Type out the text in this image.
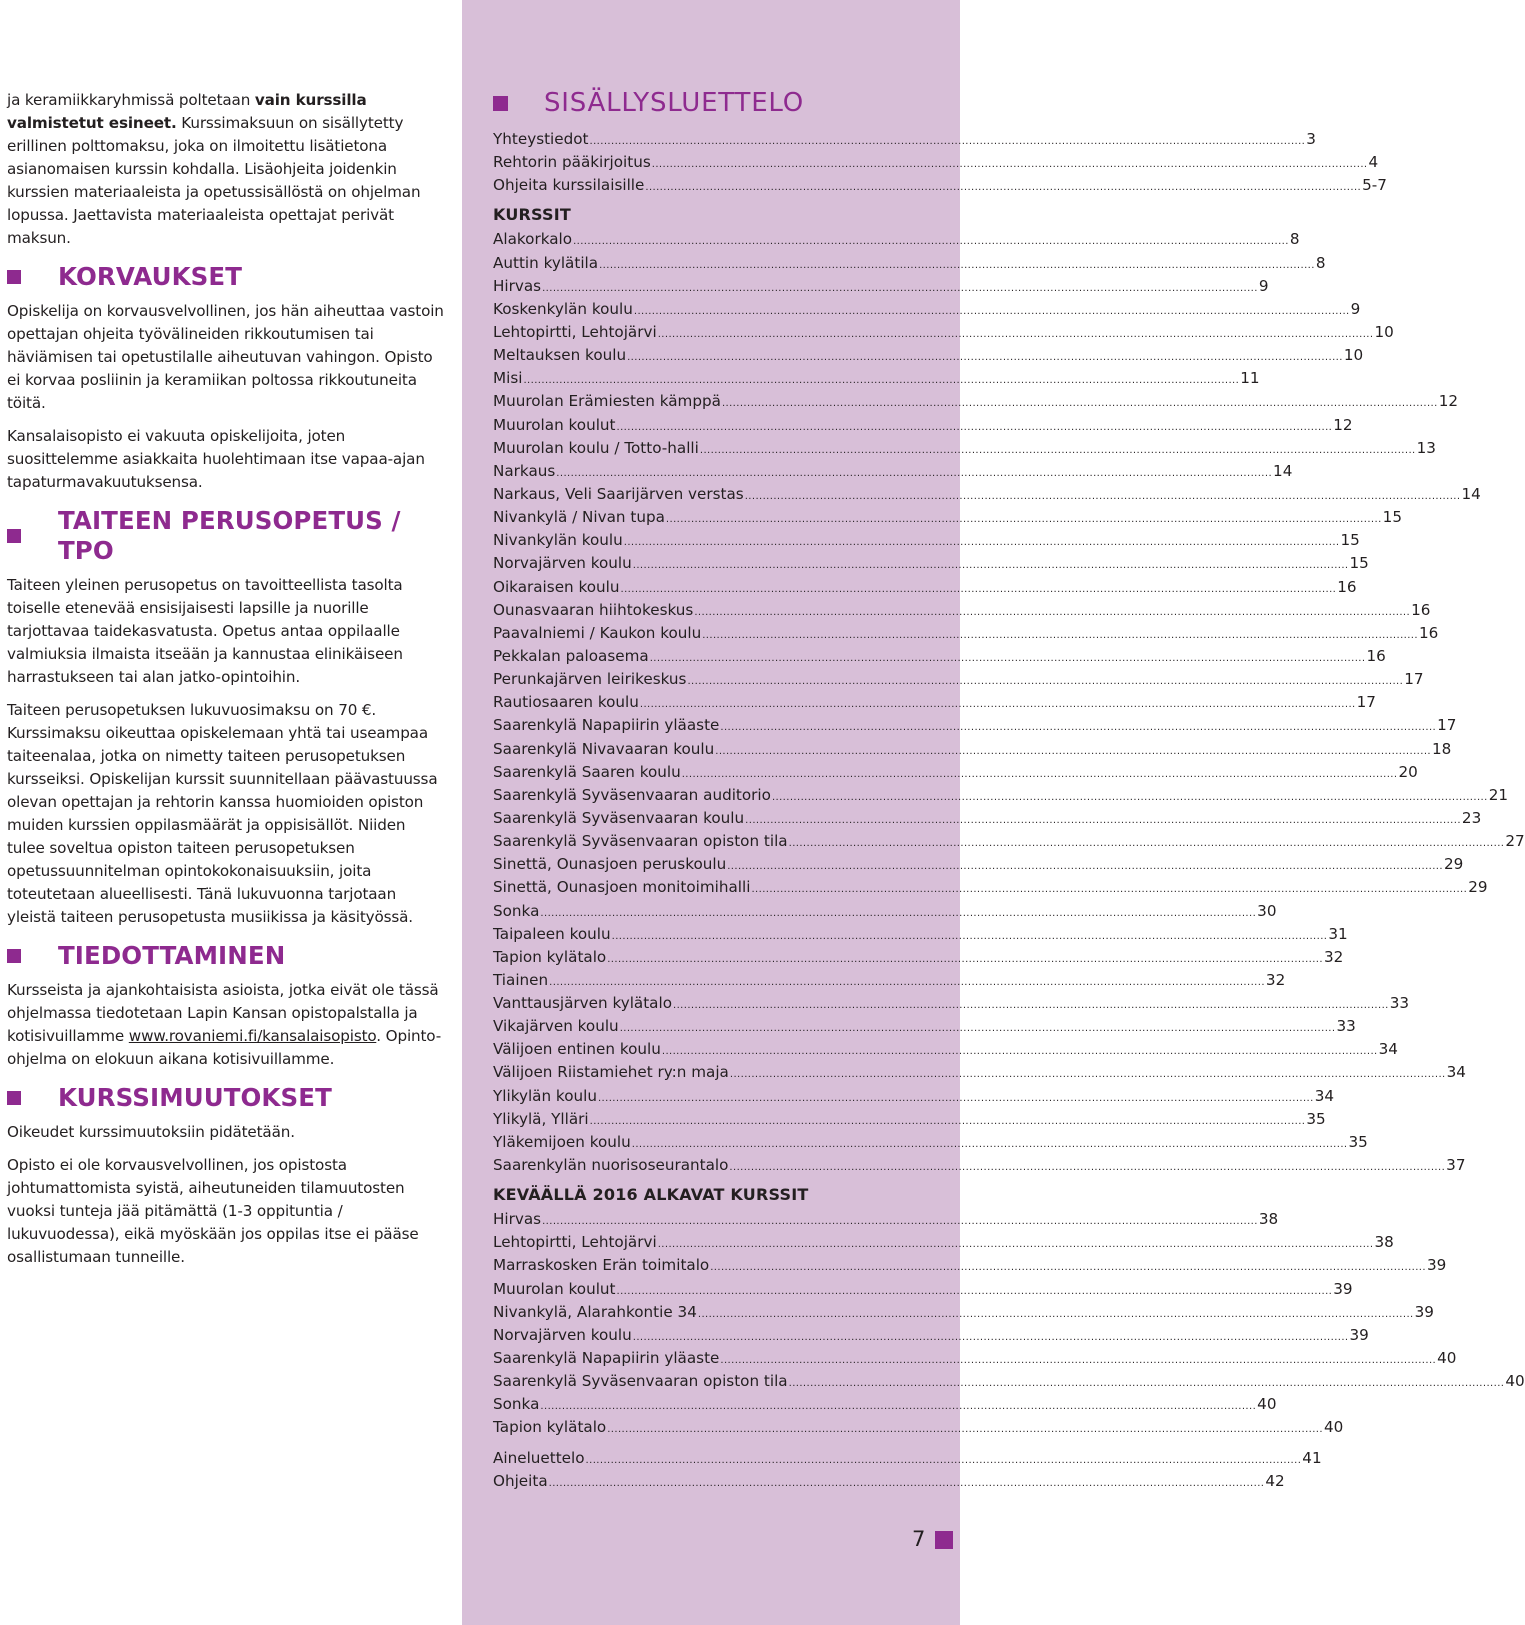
ja keramiikkaryhmissä poltetaan vain kurssilla valmistetut esineet. Kurssimaksuun on sisällytetty erillinen polttomaksu, joka on ilmoitettu lisätietona asianomaisen kurssin kohdalla. Lisäohjeita joidenkin kurssien materiaaleista ja opetussisällöstä on ohjelman lopussa. Jaettavista materiaaleista opettajat perivät maksun.

KORVAUKSET

Opiskelija on korvausvelvollinen, jos hän aiheuttaa vastoin opettajan ohjeita työvälineiden rikkoutumisen tai häviämisen tai opetustilalle aiheutuvan vahingon. Opisto ei korvaa posliinin ja keramiikan poltossa rikkoutuneita töitä.

Kansalaisopisto ei vakuuta opiskelijoita, joten suosittelemme asiakkaita huolehtimaan itse vapaa-ajan tapaturmavakuutuksensa.

TAITEEN PERUSOPETUS / TPO

Taiteen yleinen perusopetus on tavoitteellista tasolta toiselle etenevää ensisijaisesti lapsille ja nuorille tarjottavaa taidekasvatusta. Opetus antaa oppilaalle valmiuksia ilmaista itseään ja kannustaa elinikäiseen harrastukseen tai alan jatko-opintoihin.

Taiteen perusopetuksen lukuvuosimaksu on 70 €. Kurssimaksu oikeuttaa opiskelemaan yhtä tai useampaa taiteenalaa, jotka on nimetty taiteen perusopetuksen kursseiksi. Opiskelijan kurssit suunnitellaan päävastuussa olevan opettajan ja rehtorin kanssa huomioiden opiston muiden kurssien oppilasmäärät ja oppisisällöt. Niiden tulee soveltua opiston taiteen perusopetuksen opetussuunnitelman opintokokonaisuuksiin, joita toteutetaan alueellisesti. Tänä lukuvuonna tarjotaan yleistä taiteen perusopetusta musiikissa ja käsityössä.

TIEDOTTAMINEN

Kursseista ja ajankohtaisista asioista, jotka eivät ole tässä ohjelmassa tiedotetaan Lapin Kansan opistopalstalla ja kotisivuillamme www.rovaniemi.fi/kansalaisopisto. Opinto-ohjelma on elokuun aikana kotisivuillamme.

KURSSIMUUTOKSET

Oikeudet kurssimuutoksiin pidätetään.

Opisto ei ole korvausvelvollinen, jos opistosta johtumattomista syistä, aiheutuneiden tilamuutosten vuoksi tunteja jää pitämättä (1-3 oppituntia / lukuvuodessa), eikä myöskään jos oppilas itse ei pääse osallistumaan tunneille.

SISÄLLYSLUETTELO
Yhteystiedot ........................................................................................................................................................................................................ 3
Rehtorin pääkirjoitus ........................................................................................................................................................................................................ 4
Ohjeita kurssilaisille ........................................................................................................................................................................................................ 5-7
KURSSIT
Alakorkalo ........................................................................................................................................................................................................ 8
Auttin kylätila ........................................................................................................................................................................................................ 8
Hirvas ........................................................................................................................................................................................................ 9
Koskenkylän koulu ........................................................................................................................................................................................................ 9
Lehtopirtti, Lehtojärvi ........................................................................................................................................................................................................ 10
Meltauksen koulu ........................................................................................................................................................................................................ 10
Misi ........................................................................................................................................................................................................ 11
Muurolan Erämiesten kämppä ........................................................................................................................................................................................................ 12
Muurolan koulut ........................................................................................................................................................................................................ 12
Muurolan koulu / Totto-halli ........................................................................................................................................................................................................ 13
Narkaus ........................................................................................................................................................................................................ 14
Narkaus, Veli Saarijärven verstas ........................................................................................................................................................................................................ 14
Nivankylä / Nivan tupa ........................................................................................................................................................................................................ 15
Nivankylän koulu ........................................................................................................................................................................................................ 15
Norvajärven koulu ........................................................................................................................................................................................................ 15
Oikaraisen koulu ........................................................................................................................................................................................................ 16
Ounasvaaran hiihtokeskus ........................................................................................................................................................................................................ 16
Paavalniemi / Kaukon koulu ........................................................................................................................................................................................................ 16
Pekkalan paloasema ........................................................................................................................................................................................................ 16
Perunkajärven leirikeskus ........................................................................................................................................................................................................ 17
Rautiosaaren koulu ........................................................................................................................................................................................................ 17
Saarenkylä Napapiirin yläaste ........................................................................................................................................................................................................ 17
Saarenkylä Nivavaaran koulu ........................................................................................................................................................................................................ 18
Saarenkylä Saaren koulu ........................................................................................................................................................................................................ 20
Saarenkylä Syväsenvaaran auditorio ........................................................................................................................................................................................................ 21
Saarenkylä Syväsenvaaran koulu ........................................................................................................................................................................................................ 23
Saarenkylä Syväsenvaaran opiston tila ........................................................................................................................................................................................................ 27
Sinettä, Ounasjoen peruskoulu ........................................................................................................................................................................................................ 29
Sinettä, Ounasjoen monitoimihalli ........................................................................................................................................................................................................ 29
Sonka ........................................................................................................................................................................................................ 30
Taipaleen koulu ........................................................................................................................................................................................................ 31
Tapion kylätalo ........................................................................................................................................................................................................ 32
Tiainen ........................................................................................................................................................................................................ 32
Vanttausjärven kylätalo ........................................................................................................................................................................................................ 33
Vikajärven koulu ........................................................................................................................................................................................................ 33
Välijoen entinen koulu ........................................................................................................................................................................................................ 34
Välijoen Riistamiehet ry:n maja ........................................................................................................................................................................................................ 34
Ylikylän koulu ........................................................................................................................................................................................................ 34
Ylikylä, Ylläri ........................................................................................................................................................................................................ 35
Yläkemijoen koulu ........................................................................................................................................................................................................ 35
Saarenkylän nuorisoseurantalo ........................................................................................................................................................................................................ 37
KEVÄÄLLÄ 2016 ALKAVAT KURSSIT
Hirvas ........................................................................................................................................................................................................ 38
Lehtopirtti, Lehtojärvi ........................................................................................................................................................................................................ 38
Marraskosken Erän toimitalo ........................................................................................................................................................................................................ 39
Muurolan koulut ........................................................................................................................................................................................................ 39
Nivankylä, Alarahkontie 34 ........................................................................................................................................................................................................ 39
Norvajärven koulu ........................................................................................................................................................................................................ 39
Saarenkylä Napapiirin yläaste ........................................................................................................................................................................................................ 40
Saarenkylä Syväsenvaaran opiston tila ........................................................................................................................................................................................................ 40
Sonka ........................................................................................................................................................................................................ 40
Tapion kylätalo ........................................................................................................................................................................................................ 40
Aineluettelo ........................................................................................................................................................................................................ 41
Ohjeita ........................................................................................................................................................................................................ 42
7
